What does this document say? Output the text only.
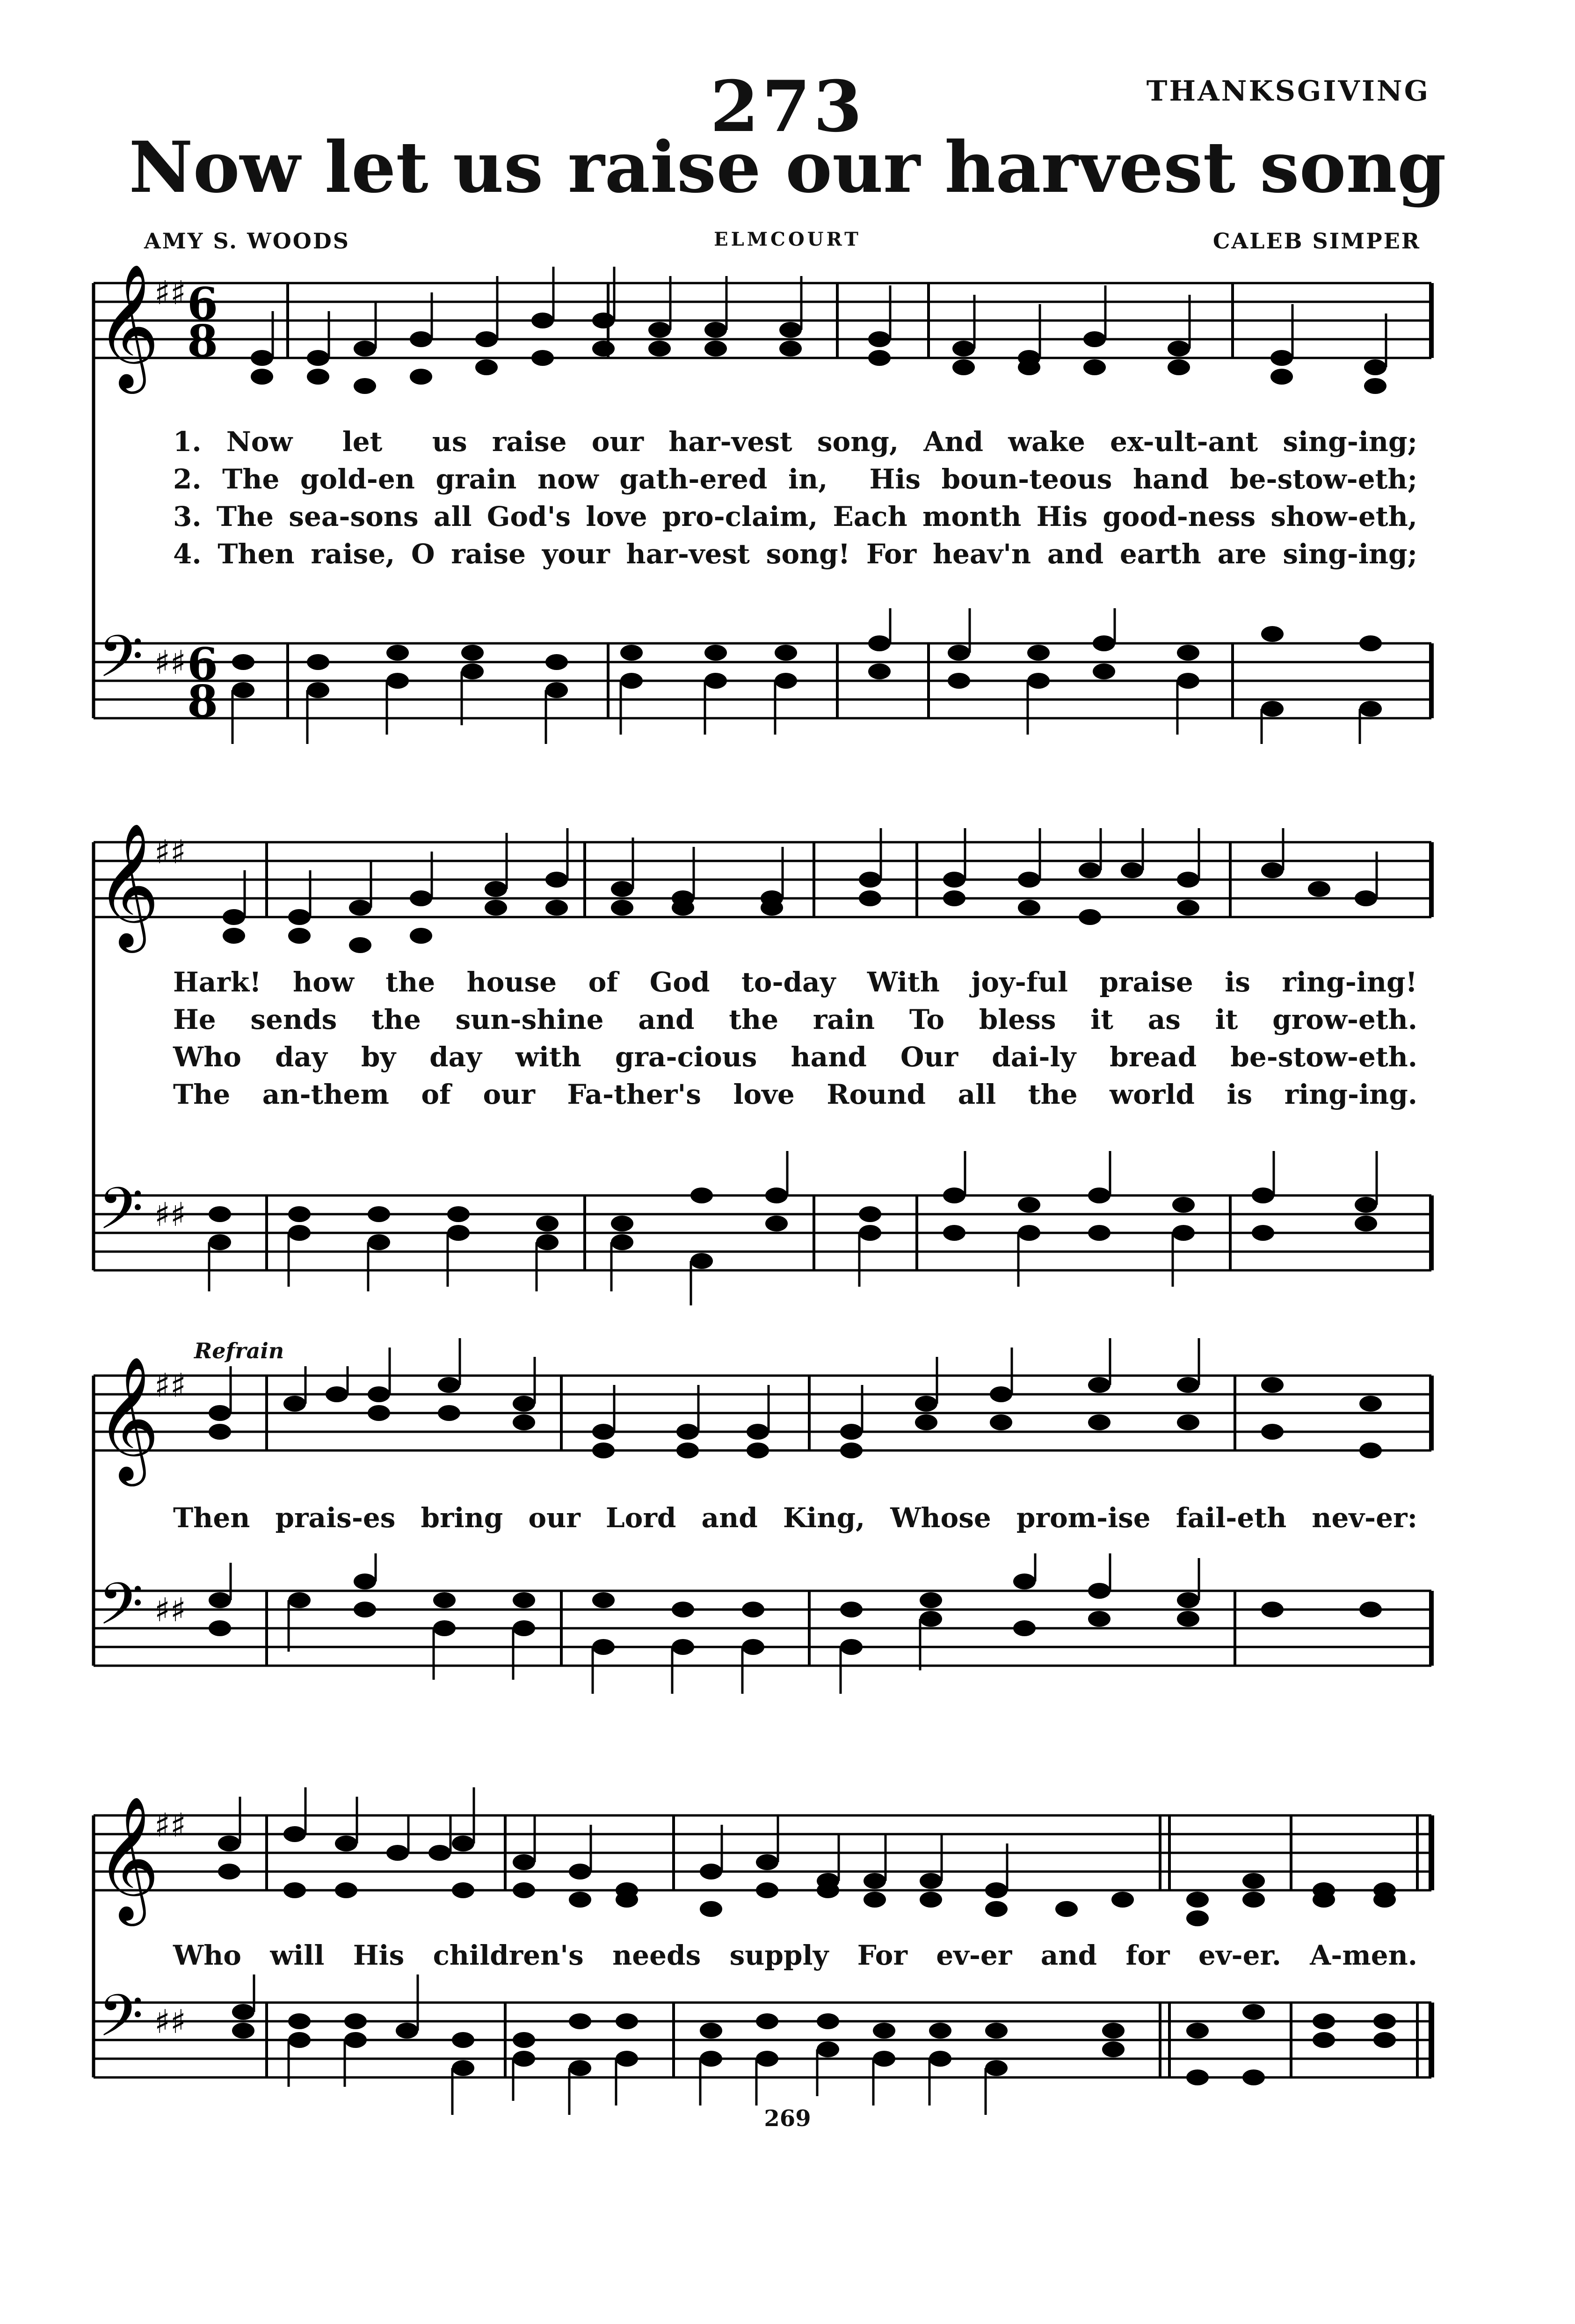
273	THANKSGIVING
Now let us raise our harvest song
AMY S. WOODS	ELMCOURT	CALEB SIMPER
𝄞
𝄢
♯♯
♯♯
6
8
6
8
1. Now  let  us raise our har-vest song, And wake ex-ult-ant sing-ing;
2. The gold-en grain now gath-ered in,  His boun-teous hand be-stow-eth;
3. The sea-sons all God's love pro-claim, Each month His good-ness show-eth,
4. Then raise, O raise your har-vest song! For heav'n and earth are sing-ing;
𝄞
𝄢
♯♯
♯♯
Hark! how the house of God to-day With joy-ful praise is ring-ing!
He sends the sun-shine and the rain To bless it as it grow-eth.
Who day by day with gra-cious hand Our dai-ly bread be-stow-eth.
The an-them of our Fa-ther's love Round all the world is ring-ing.
Refrain
𝄞
𝄢
♯♯
♯♯
Then prais-es bring our Lord and King, Whose prom-ise fail-eth nev-er:
𝄞
𝄢
♯♯
♯♯
Who will His children's needs supply For ev-er and for ev-er. A-men.
269
